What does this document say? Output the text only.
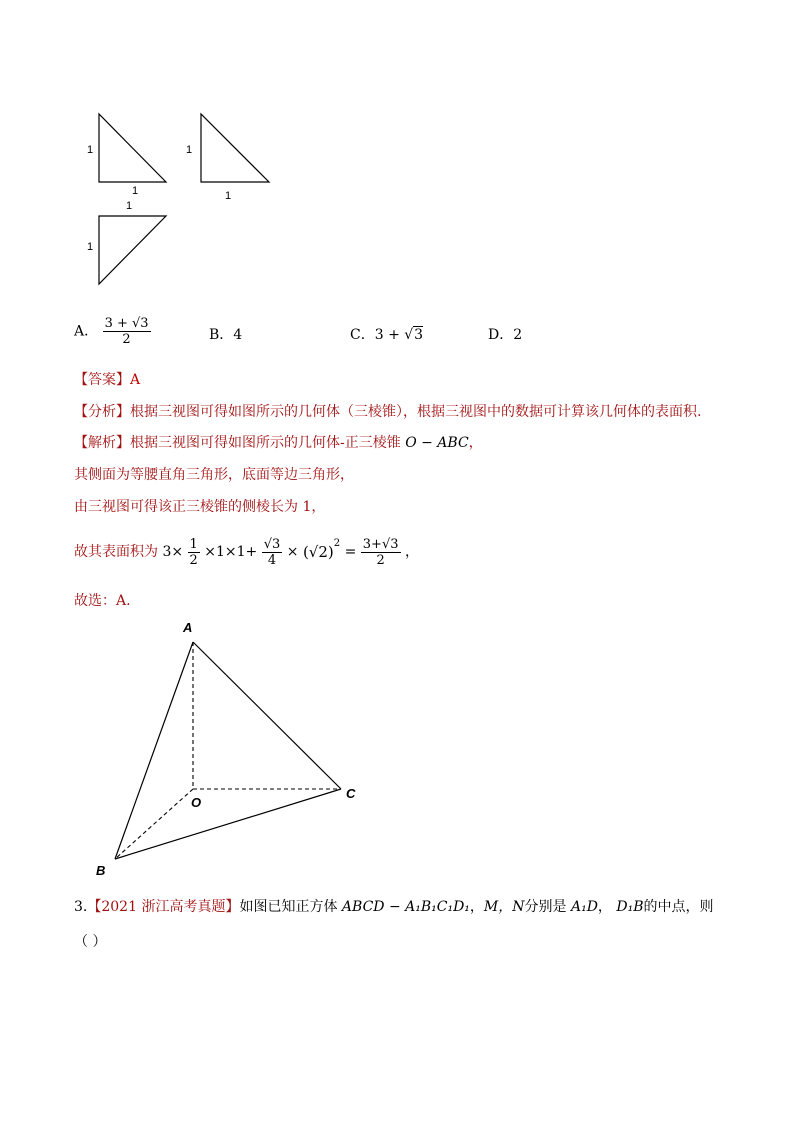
1
1
1
1
1
1
A． $\frac{3 + √3}{2}$	B．4	C．3 + √3	D．2
【答案】A
【分析】根据三视图可得如图所示的几何体（三棱锥），根据三视图中的数据可计算该几何体的表面积.
【解析】根据三视图可得如图所示的几何体-正三棱锥 O − ABC，
其侧面为等腰直角三角形，底面等边三角形，
由三视图可得该正三棱锥的侧棱长为 1，
故其表面积为 $3\times \frac{1}{2} \times 1\times 1+ \frac{√3}{4} \times (√2)^2 = \frac{3+√3}{2}$ ，
故选：A.
A
B
C
O
3.【2021 浙江高考真题】如图已知正方体 ABCD − A₁B₁C₁D₁，M，N分别是 A₁D， D₁B的中点，则
（ ）
